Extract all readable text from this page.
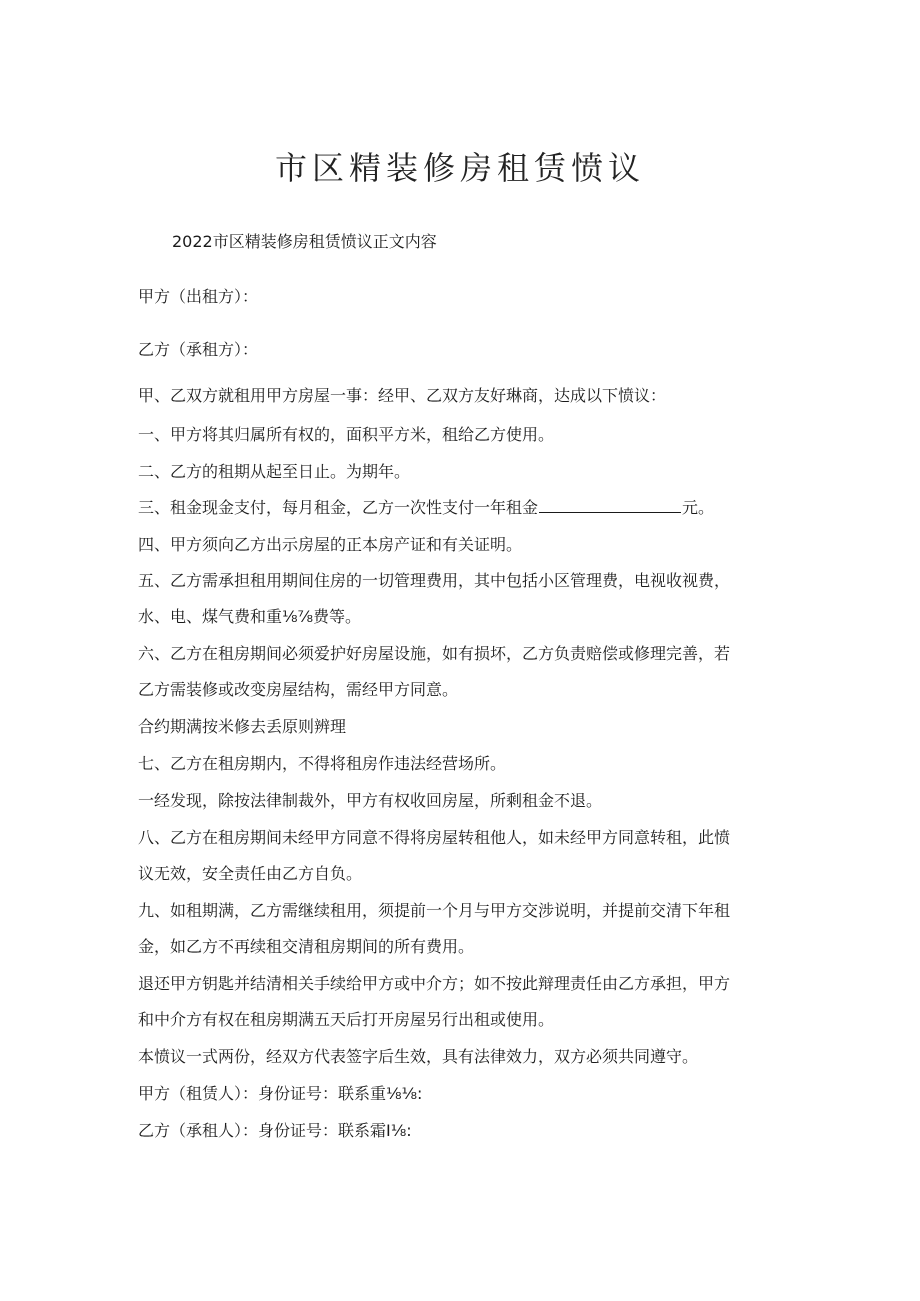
市区精装修房租赁愤议
2022市区精装修房租赁愤议正文内容
甲方（出租方）：
乙方（承租方）：
甲、乙双方就租用甲方房屋一事：经甲、乙双方友好琳商，达成以下愤议：
一、甲方将其归属所有权的，面积平方米，租给乙方使用。
二、乙方的租期从起至日止。为期年。
三、租金现金支付，每月租金，乙方一次性支付一年租金	元。
四、甲方须向乙方出示房屋的正本房产证和有关证明。
五、乙方需承担租用期间住房的一切管理费用，其中包括小区管理费，电视收视费，
水、电、煤气费和重⅛⅞费等。
六、乙方在租房期间必须爱护好房屋设施，如有损坏，乙方负责赔偿或修理完善，若
乙方需装修或改变房屋结构，需经甲方同意。
合约期满按米修去丢原则辨理
七、乙方在租房期内，不得将租房作违法经营场所。
一经发现，除按法律制裁外，甲方有权收回房屋，所剩租金不退。
八、乙方在租房期间未经甲方同意不得将房屋转租他人，如未经甲方同意转租，此愤
议无效，安全责任由乙方自负。
九、如租期满，乙方需继续租用，须提前一个月与甲方交涉说明，并提前交清下年租
金，如乙方不再续租交清租房期间的所有费用。
退还甲方钥匙并结清相关手续给甲方或中介方；如不按此辩理责任由乙方承担，甲方
和中介方有权在租房期满五天后打开房屋另行出租或使用。
本愤议一式两份，经双方代表签字后生效，具有法律效力，双方必须共同遵守。
甲方（租赁人）：身份证号：联系重⅛⅛:
乙方（承租人）：身份证号：联系霜I⅛:
